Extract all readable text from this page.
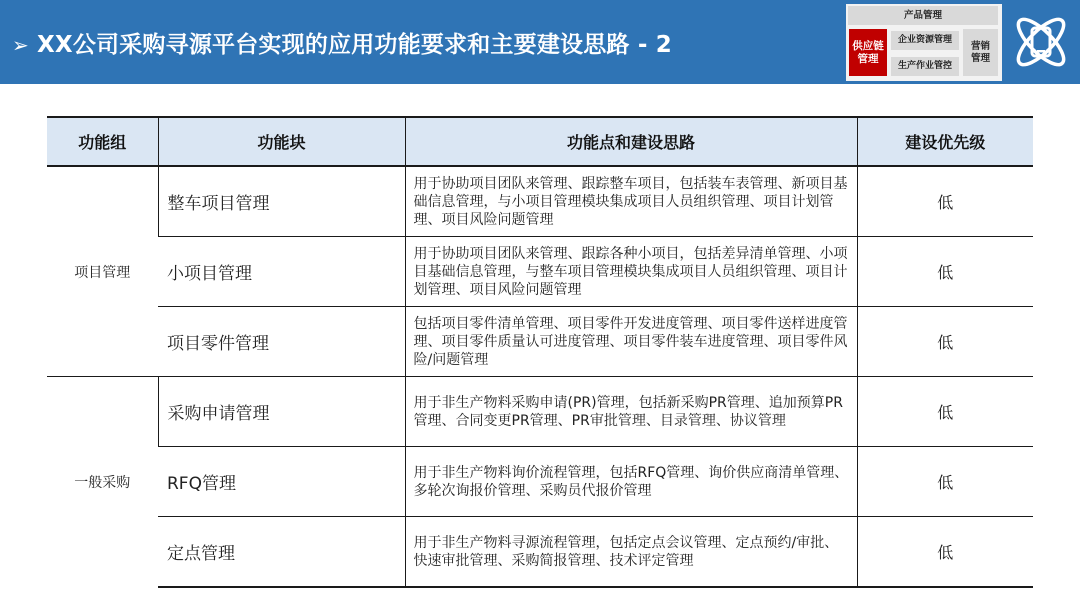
➢ XX公司采购寻源平台实现的应用功能要求和主要建设思路 - 2
产品管理
供应链管理
企业资源管理
生产作业管控
营销管理
功能组	功能块	功能点和建设思路	建设优先级
项目管理	整车项目管理	用于协助项目团队来管理、跟踪整车项目，包括装车表管理、新项目基础信息管理，与小项目管理模块集成项目人员组织管理、项目计划管理、项目风险问题管理	低
	小项目管理	用于协助项目团队来管理、跟踪各种小项目，包括差异清单管理、小项目基础信息管理，与整车项目管理模块集成项目人员组织管理、项目计划管理、项目风险问题管理	低
	项目零件管理	包括项目零件清单管理、项目零件开发进度管理、项目零件送样进度管理、项目零件质量认可进度管理、项目零件装车进度管理、项目零件风险/问题管理	低
一般采购	采购申请管理	用于非生产物料采购申请(PR)管理，包括新采购PR管理、追加预算PR管理、合同变更PR管理、PR审批管理、目录管理、协议管理	低
	RFQ管理	用于非生产物料询价流程管理，包括RFQ管理、询价供应商清单管理、多轮次询报价管理、采购员代报价管理	低
	定点管理	用于非生产物料寻源流程管理，包括定点会议管理、定点预约/审批、快速审批管理、采购简报管理、技术评定管理	低
